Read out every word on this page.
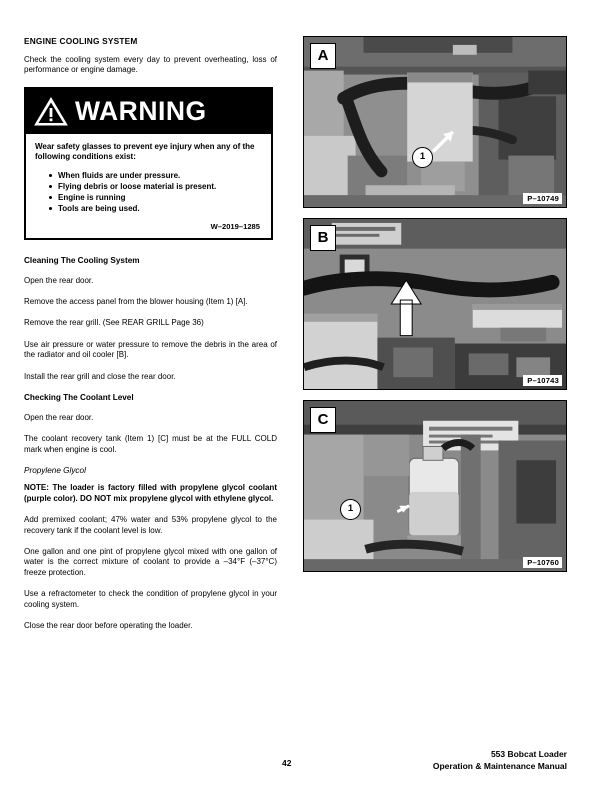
ENGINE COOLING SYSTEM
Check the cooling system every day to prevent overheating, loss of performance or engine damage.
WARNING
Wear safety glasses to prevent eye injury when any of the following conditions exist:
When fluids are under pressure.
Flying debris or loose material is present.
Engine is running
Tools are being used.
W–2019–1285
Cleaning The Cooling System
Open the rear door.
Remove the access panel from the blower housing (Item 1) [A].
Remove the rear grill. (See REAR GRILL Page 36)
Use air pressure or water pressure to remove the debris in the area of the radiator and oil cooler [B].
Install the rear grill and close the rear door.
Checking The Coolant Level
Open the rear door.
The coolant recovery tank (Item 1) [C] must be at the FULL COLD mark when engine is cool.
Propylene Glycol
NOTE: The loader is factory filled with propylene glycol coolant (purple color). DO NOT mix propylene glycol with ethylene glycol.
Add premixed coolant; 47% water and 53% propylene glycol to the recovery tank if the coolant level is low.
One gallon and one pint of propylene glycol mixed with one gallon of water is the correct mixture of coolant to provide a –34°F (–37°C) freeze protection.
Use a refractometer to check the condition of propylene glycol in your cooling system.
Close the rear door before operating the loader.
A
1
P–10749
B
P–10743
C
1
P–10760
42
553 Bobcat Loader
Operation & Maintenance Manual
